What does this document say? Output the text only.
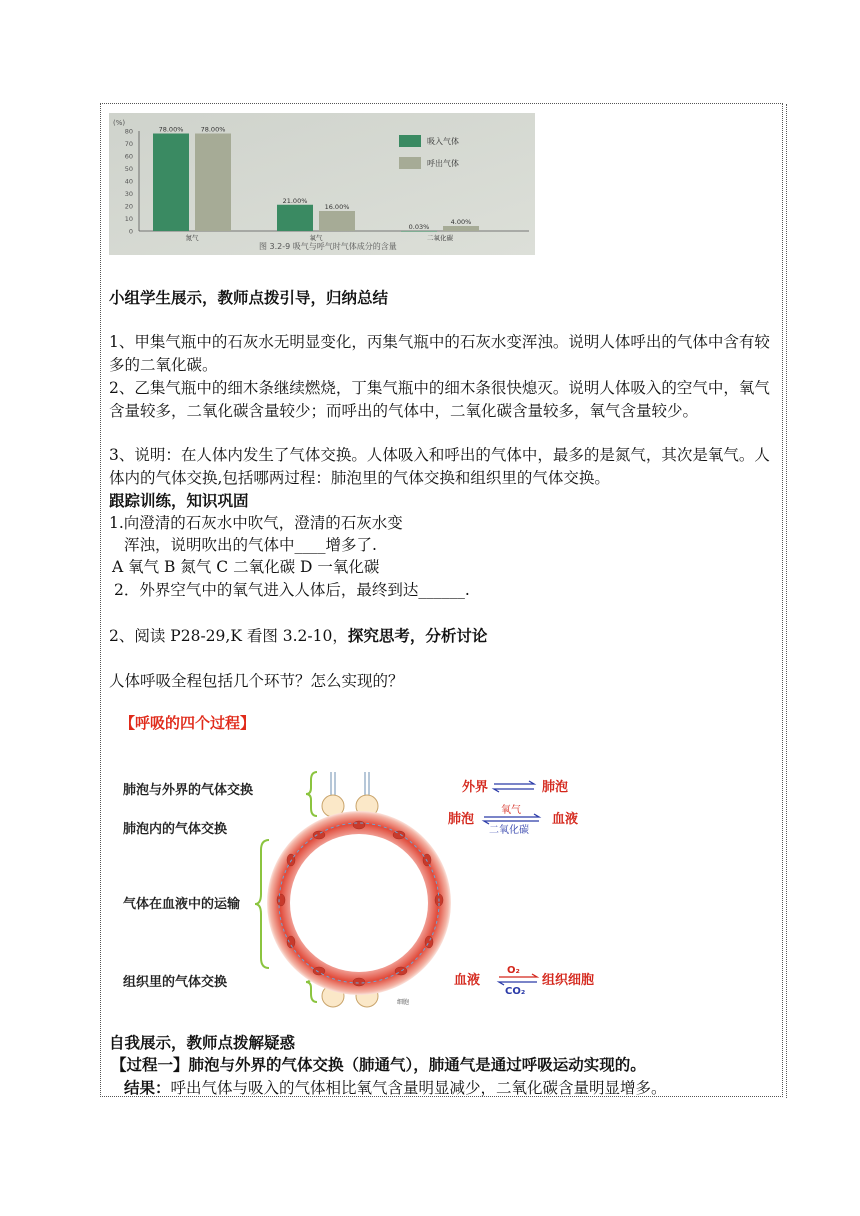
(%)
0
10
20
30
40
50
60
70
80
氮气	氧气	二氧化碳
78.00%	78.00%
21.00%
16.00%
0.03%
4.00%
吸入气体
呼出气体
图 3.2-9 吸气与呼气时气体成分的含量
小组学生展示，教师点拨引导，归纳总结
1、甲集气瓶中的石灰水无明显变化，丙集气瓶中的石灰水变浑浊。说明人体呼出的气体中含有较多的二氧化碳。
2、乙集气瓶中的细木条继续燃烧，丁集气瓶中的细木条很快熄灭。说明人体吸入的空气中，氧气含量较多，二氧化碳含量较少；而呼出的气体中，二氧化碳含量较多，氧气含量较少。
3、说明：在人体内发生了气体交换。人体吸入和呼出的气体中，最多的是氮气，其次是氧气。人体内的气体交换,包括哪两过程：肺泡里的气体交换和组织里的气体交换。
跟踪训练，知识巩固
1.向澄清的石灰水中吹气，澄清的石灰水变
浑浊，说明吹出的气体中____增多了.
A 氧气 B 氮气 C 二氧化碳 D 一氧化碳
2．外界空气中的氧气进入人体后，最终到达______.
2、阅读 P28-29,K 看图 3.2-10，探究思考，分析讨论
人体呼吸全程包括几个环节？怎么实现的？
【呼吸的四个过程】
肺泡与外界的气体交换
肺泡内的气体交换
气体在血液中的运输
组织里的气体交换
细胞
外界	肺泡
肺泡	血液
血液	组织细胞
氧气
二氧化碳
O₂
CO₂
自我展示，教师点拨解疑惑
【过程一】肺泡与外界的气体交换（肺通气），肺通气是通过呼吸运动实现的。
结果：呼出气体与吸入的气体相比氧气含量明显减少，二氧化碳含量明显增多。
